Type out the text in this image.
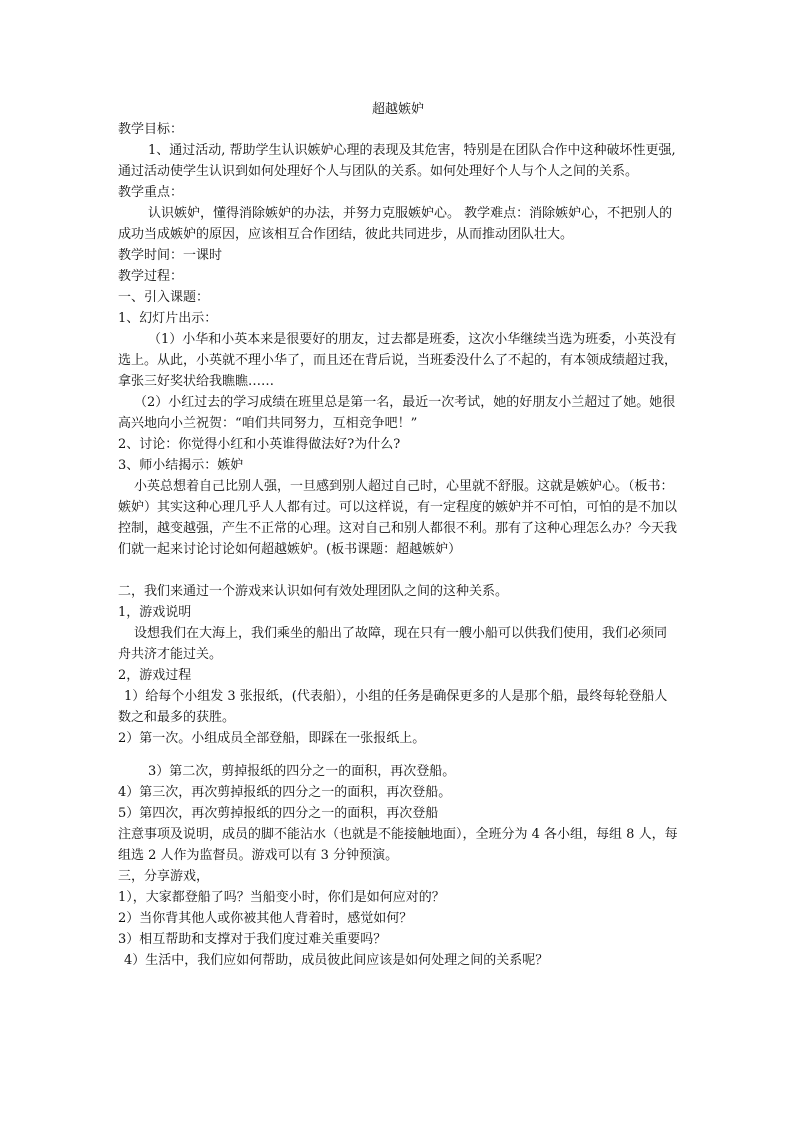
超越嫉妒

教学目标：

1、通过活动, 帮助学生认识嫉妒心理的表现及其危害，特别是在团队合作中这种破坏性更强, 通过活动使学生认识到如何处理好个人与团队的关系。如何处理好个人与个人之间的关系。

教学重点：

认识嫉妒，懂得消除嫉妒的办法，并努力克服嫉妒心。 教学难点：消除嫉妒心，不把别人的成功当成嫉妒的原因，应该相互合作团结，彼此共同进步，从而推动团队壮大。

教学时间：一课时

教学过程：

一、引入课题：

1、幻灯片出示：

（1）小华和小英本来是很要好的朋友，过去都是班委，这次小华继续当选为班委，小英没有选上。从此，小英就不理小华了，而且还在背后说，当班委没什么了不起的，有本领成绩超过我，拿张三好奖状给我瞧瞧……

（2）小红过去的学习成绩在班里总是第一名，最近一次考试，她的好朋友小兰超过了她。她很高兴地向小兰祝贺：“咱们共同努力，互相竞争吧！”

2、讨论：你觉得小红和小英谁得做法好?为什么?

3、师小结揭示：嫉妒

小英总想着自己比别人强，一旦感到别人超过自己时，心里就不舒服。这就是嫉妒心。（板书：嫉妒）其实这种心理几乎人人都有过。可以这样说，有一定程度的嫉妒并不可怕，可怕的是不加以控制，越变越强，产生不正常的心理。这对自己和别人都很不利。那有了这种心理怎么办？今天我们就一起来讨论讨论如何超越嫉妒。(板书课题：超越嫉妒）

二，我们来通过一个游戏来认识如何有效处理团队之间的这种关系。

1，游戏说明

设想我们在大海上，我们乘坐的船出了故障，现在只有一艘小船可以供我们使用，我们必须同舟共济才能过关。

2，游戏过程

1）给每个小组发 3 张报纸，(代表船），小组的任务是确保更多的人是那个船，最终每轮登船人数之和最多的获胜。

2）第一次。小组成员全部登船，即踩在一张报纸上。

3）第二次，剪掉报纸的四分之一的面积，再次登船。

4）第三次，再次剪掉报纸的四分之一的面积，再次登船。

5）第四次，再次剪掉报纸的四分之一的面积，再次登船

注意事项及说明，成员的脚不能沾水（也就是不能接触地面），全班分为 4 各小组，每组 8 人，每组选 2 人作为监督员。游戏可以有 3 分钟预演。

三，分享游戏，

1），大家都登船了吗？当船变小时，你们是如何应对的？

2）当你背其他人或你被其他人背着时，感觉如何？

3）相互帮助和支撑对于我们度过难关重要吗？

4）生活中，我们应如何帮助，成员彼此间应该是如何处理之间的关系呢？
